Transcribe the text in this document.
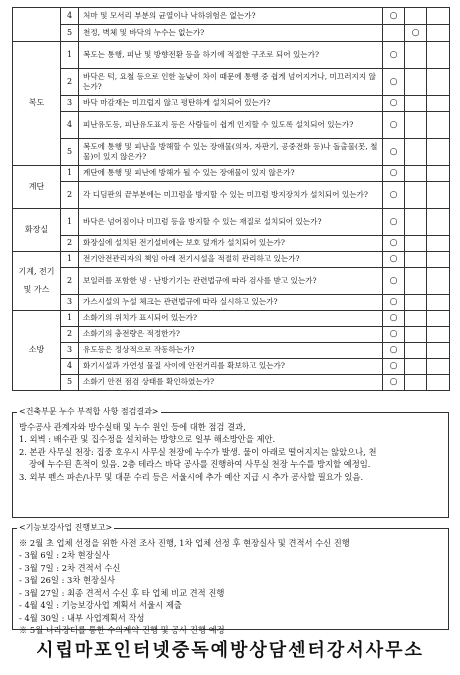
	4	처마 및 모서리 부분의 균열이나 낙하위험은 없는가?	○		
	5	천정, 벽체 및 바닥의 누수는 없는가?		○	
복도	1	복도는 통행, 피난 및 방향전환 등을 하기에 적절한 구조로 되어 있는가?	○		
	2	바닥은 턱, 요철 등으로 인한 높낮이 차이 때문에 통행 중 쉽게 넘어지거나, 미끄러지지 않는가?	○		
	3	바닥 마감재는 미끄럽지 않고 평탄하게 설치되어 있는가?	○		
	4	피난유도등, 피난유도표지 등은 사람들이 쉽게 인지할 수 있도록 설치되어 있는가?	○		
	5	복도에 통행 및 피난을 방해할 수 있는 장애물(의자, 자판기, 공중전화 등)나 돌출물(못, 철물)이 있지 않은가?	○		
계단	1	계단에 통행 및 피난에 방해가 될 수 있는 장애물이 있지 않은가?	○		
	2	각 디딤판의 끝부분에는 미끄럼을 방지할 수 있는 미끄럼 방지장치가 설치되어 있는가?	○		
화장실	1	바닥은 넘어짐이나 미끄럼 등을 방지할 수 있는 재질로 설치되어 있는가?	○		
	2	화장실에 설치된 전기설비에는 보호 덮개가 설치되어 있는가?	○		
기계, 전기
및 가스	1	전기안전관리자의 책임 아래 전기시설을 적절히 관리하고 있는가?	○		
	2	보일러를 포함한 냉 · 난방기기는 관련법규에 따라 검사를 받고 있는가?	○		
	3	가스시설의 누설 체크는 관련법규에 따라 실시하고 있는가?	○		
소방	1	소화기의 위치가 표시되어 있는가?	○		
	2	소화기의 충전량은 적정한가?	○		
	3	유도등은 정상적으로 작동하는가?	○		
	4	화기시설과 가연성 물질 사이에 안전거리를 확보하고 있는가?	○		
	5	소화기 안전 점검 상태를 확인하였는가?	○		
<건축부문 누수 부적합 사항 점검결과>
방수공사 관계자와 방수실태 및 누수 원인 등에 대한 점검 결과,
1. 외벽 : 배수관 및 집수정을 설치하는 방향으로 일부 해소방안을 제안.
2. 본관 사무실 천장: 집중 호우시 사무실 천장에 누수가 발생. 물이 아래로 떨어지지는 않았으나, 천
장에 누수된 흔적이 있음. 2층 테라스 바닥 공사를 진행하여 사무실 천장 누수를 방지할 예정임.
3. 외부 펜스 파손/나무 및 대문 수리 등은 서울시에 추가 예산 지급 시 추가 공사할 필요가 있음.
<기능보강사업 진행보고>
※ 2월 초 업체 선정을 위한 사전 조사 진행, 1차 업체 선정 후 현장실사 및 견적서 수신 진행
- 3월 6일 : 2차 현장실사
- 3월 7일 : 2차 견적서 수신
- 3월 26일 : 3차 현장실사
- 3월 27일 : 최종 견적서 수신 후 타 업체 비교 견적 진행
- 4월 4일 : 기능보강사업 계획서 서울시 제출
- 4월 30일 : 내부 사업계획서 작성
※ 5월 나라장터를 통한 수의계약 진행 및 공사 진행 예정
시립마포인터넷중독예방상담센터강서사무소
